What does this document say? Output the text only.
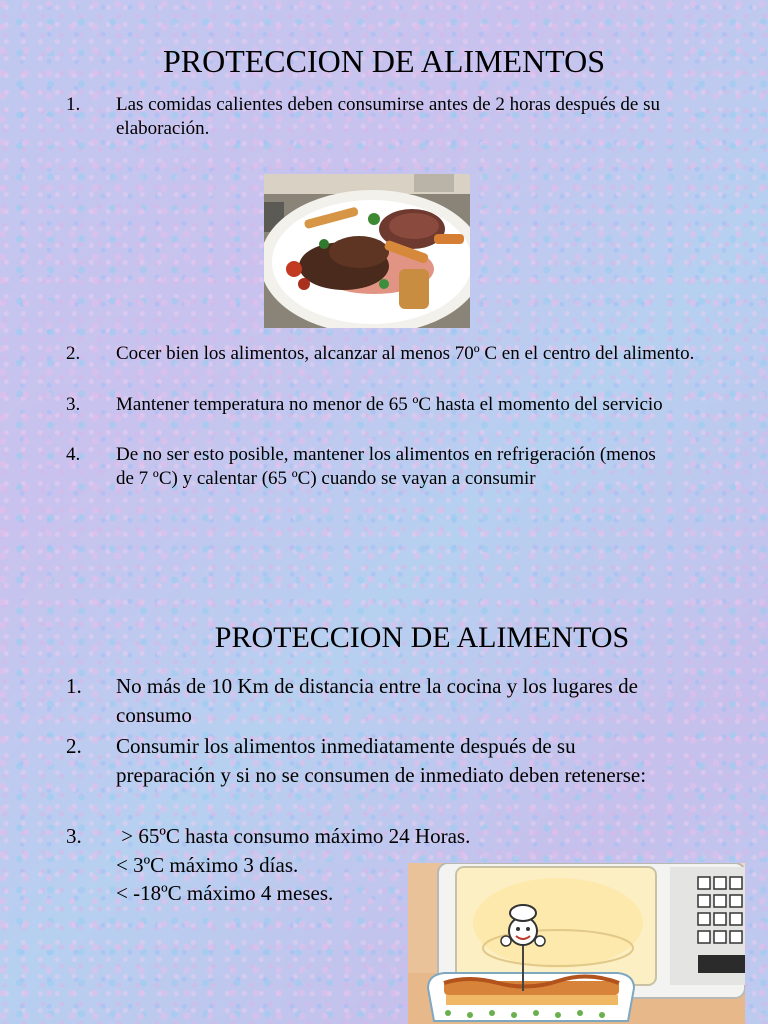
PROTECCION DE ALIMENTOS
1. Las comidas calientes deben consumirse antes de 2 horas después de su elaboración.
2. Cocer bien los alimentos, alcanzar al menos 70º C en el centro del alimento.
3. Mantener temperatura no menor de 65 ºC hasta el momento del servicio
4. De no ser esto posible, mantener los alimentos en refrigeración (menos de 7 ºC) y calentar (65 ºC) cuando se vayan a consumir
PROTECCION DE ALIMENTOS
1. No más de 10 Km de distancia entre la cocina y los lugares de consumo
2. Consumir los alimentos inmediatamente después de su preparación y si no se consumen de inmediato deben retenerse:
3. > 65ºC hasta consumo máximo 24 Horas.
< 3ºC máximo 3 días.
< -18ºC máximo 4 meses.
